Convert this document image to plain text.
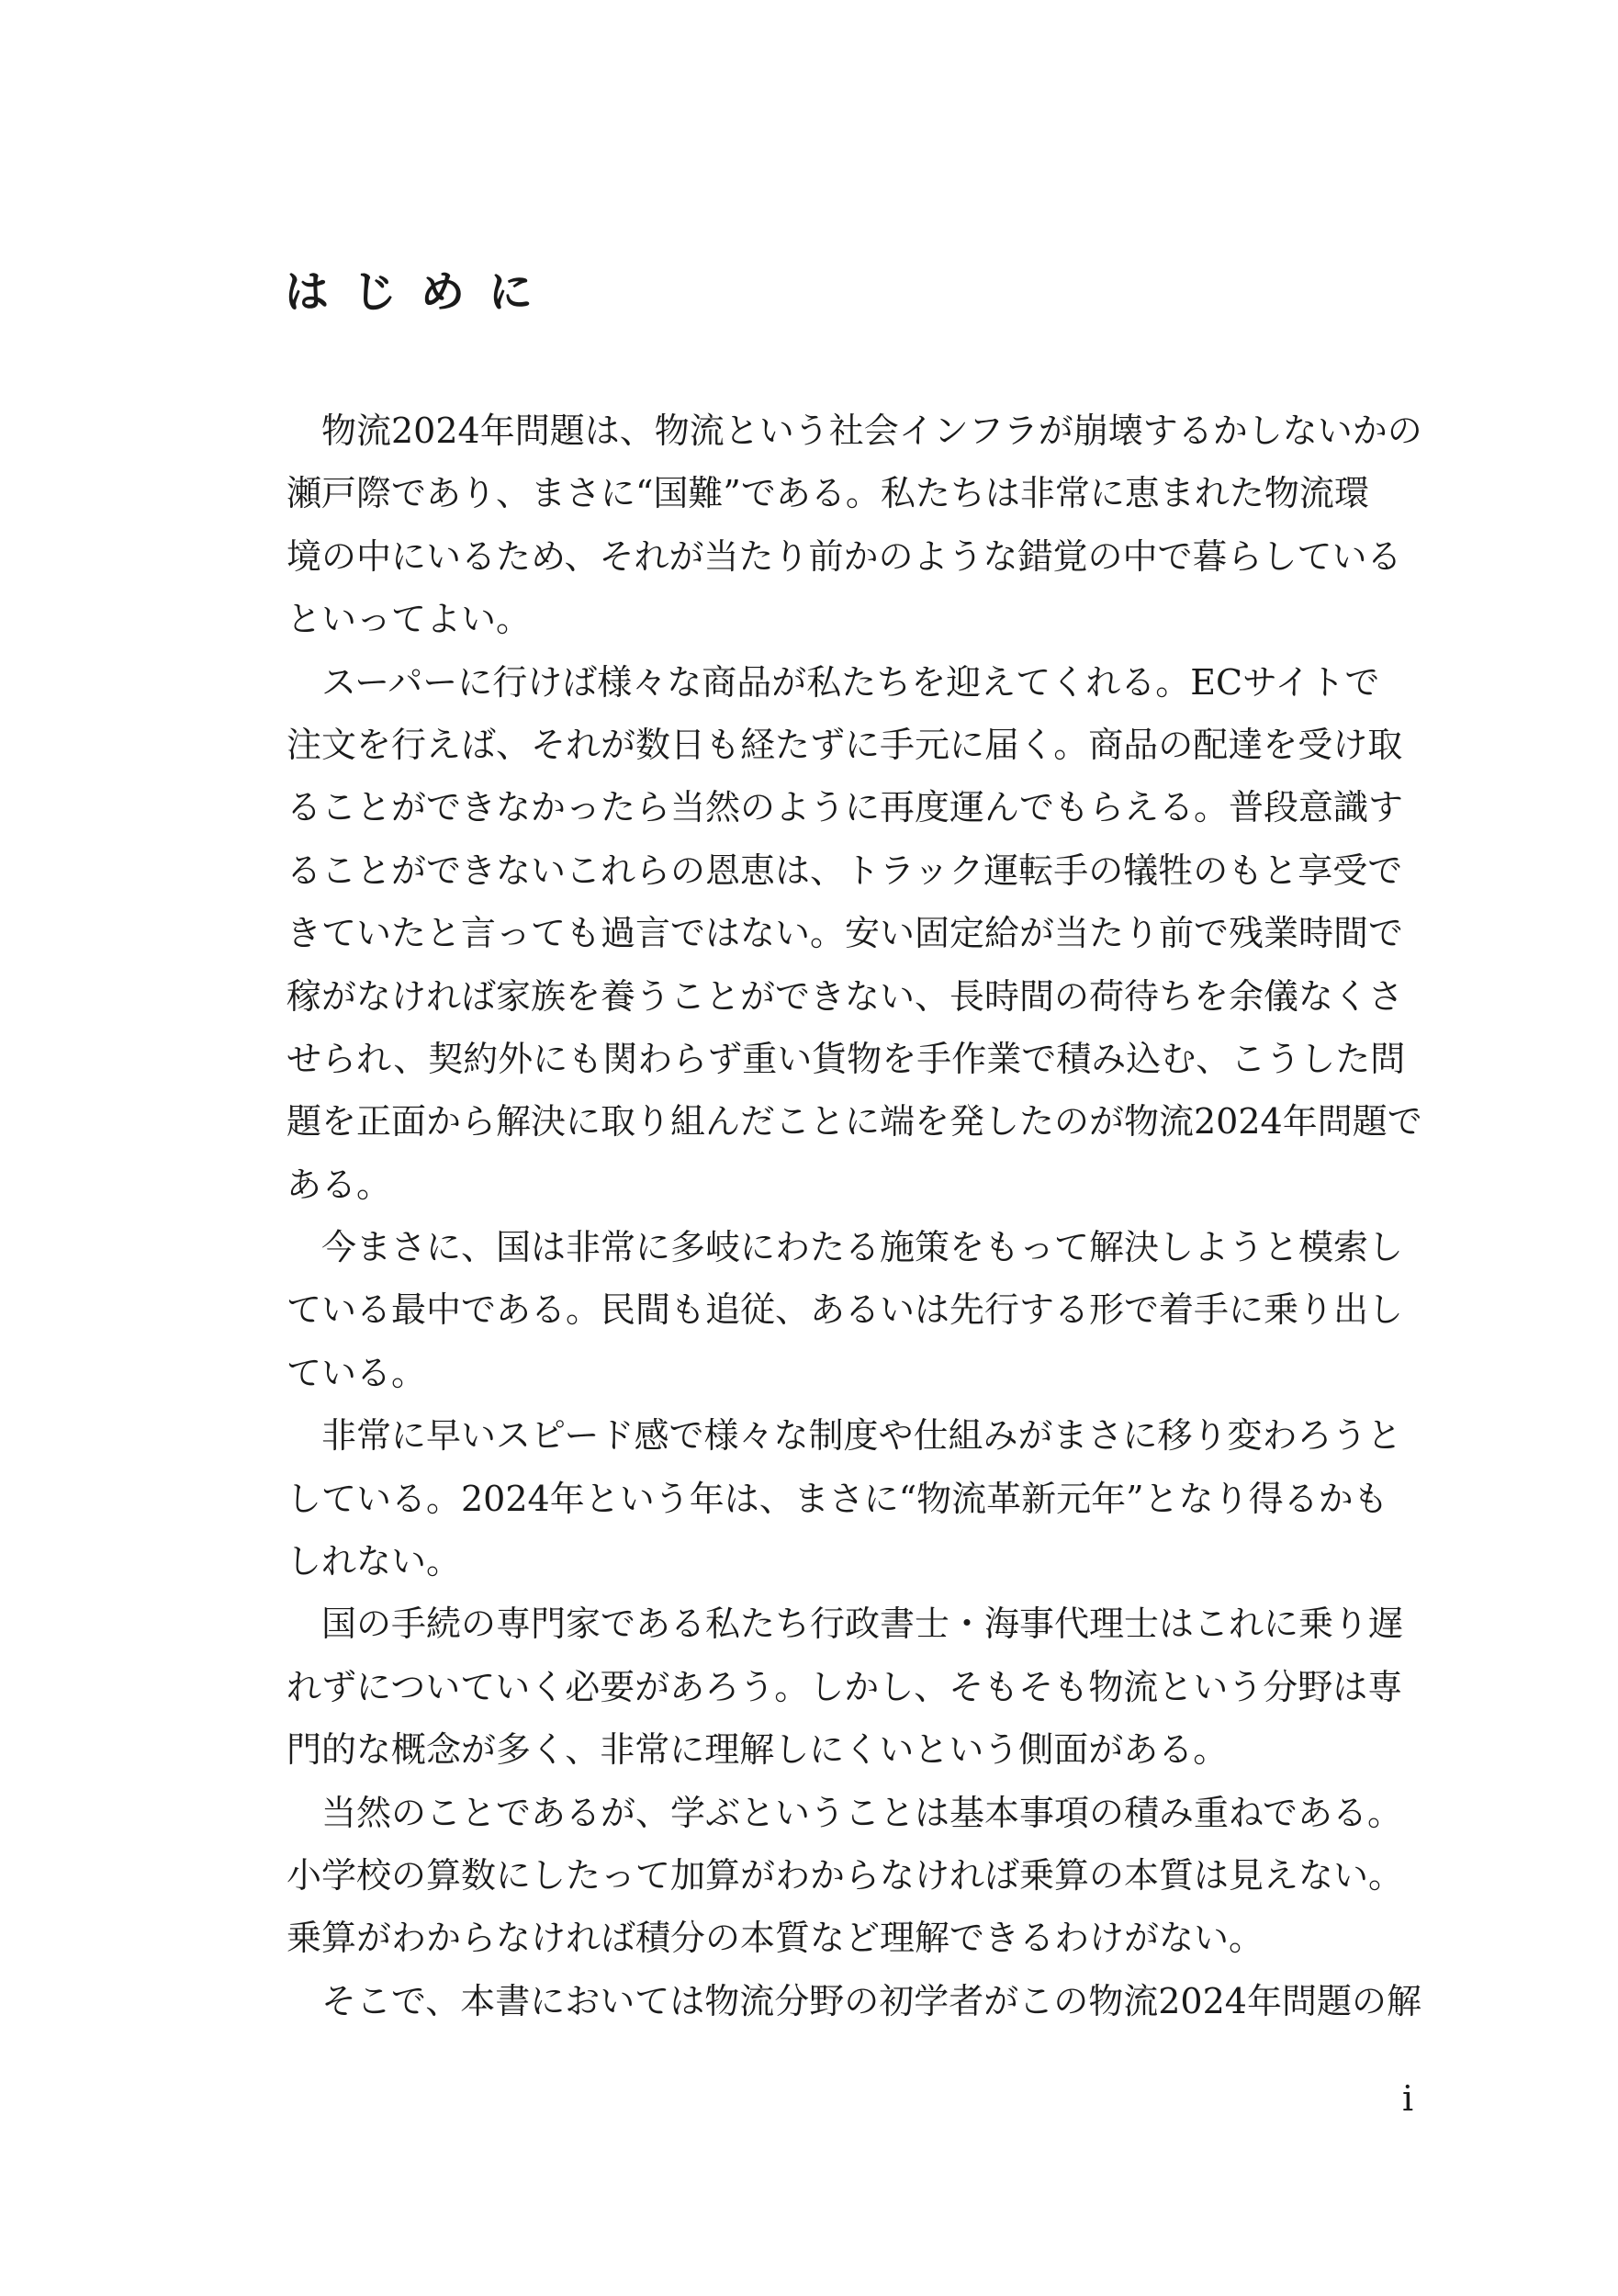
はじめに
　物流2024年問題は、物流という社会インフラが崩壊するかしないかの
瀬戸際であり、まさに“国難”である。私たちは非常に恵まれた物流環
境の中にいるため、それが当たり前かのような錯覚の中で暮らしている
といってよい。
　スーパーに行けば様々な商品が私たちを迎えてくれる。ECサイトで
注文を行えば、それが数日も経たずに手元に届く。商品の配達を受け取
ることができなかったら当然のように再度運んでもらえる。普段意識す
ることができないこれらの恩恵は、トラック運転手の犠牲のもと享受で
きていたと言っても過言ではない。安い固定給が当たり前で残業時間で
稼がなければ家族を養うことができない、長時間の荷待ちを余儀なくさ
せられ、契約外にも関わらず重い貨物を手作業で積み込む、こうした問
題を正面から解決に取り組んだことに端を発したのが物流2024年問題で
ある。
　今まさに、国は非常に多岐にわたる施策をもって解決しようと模索し
ている最中である。民間も追従、あるいは先行する形で着手に乗り出し
ている。
　非常に早いスピード感で様々な制度や仕組みがまさに移り変わろうと
している。2024年という年は、まさに“物流革新元年”となり得るかも
しれない。
　国の手続の専門家である私たち行政書士・海事代理士はこれに乗り遅
れずについていく必要があろう。しかし、そもそも物流という分野は専
門的な概念が多く、非常に理解しにくいという側面がある。
　当然のことであるが、学ぶということは基本事項の積み重ねである。
小学校の算数にしたって加算がわからなければ乗算の本質は見えない。
乗算がわからなければ積分の本質など理解できるわけがない。
　そこで、本書においては物流分野の初学者がこの物流2024年問題の解
i
